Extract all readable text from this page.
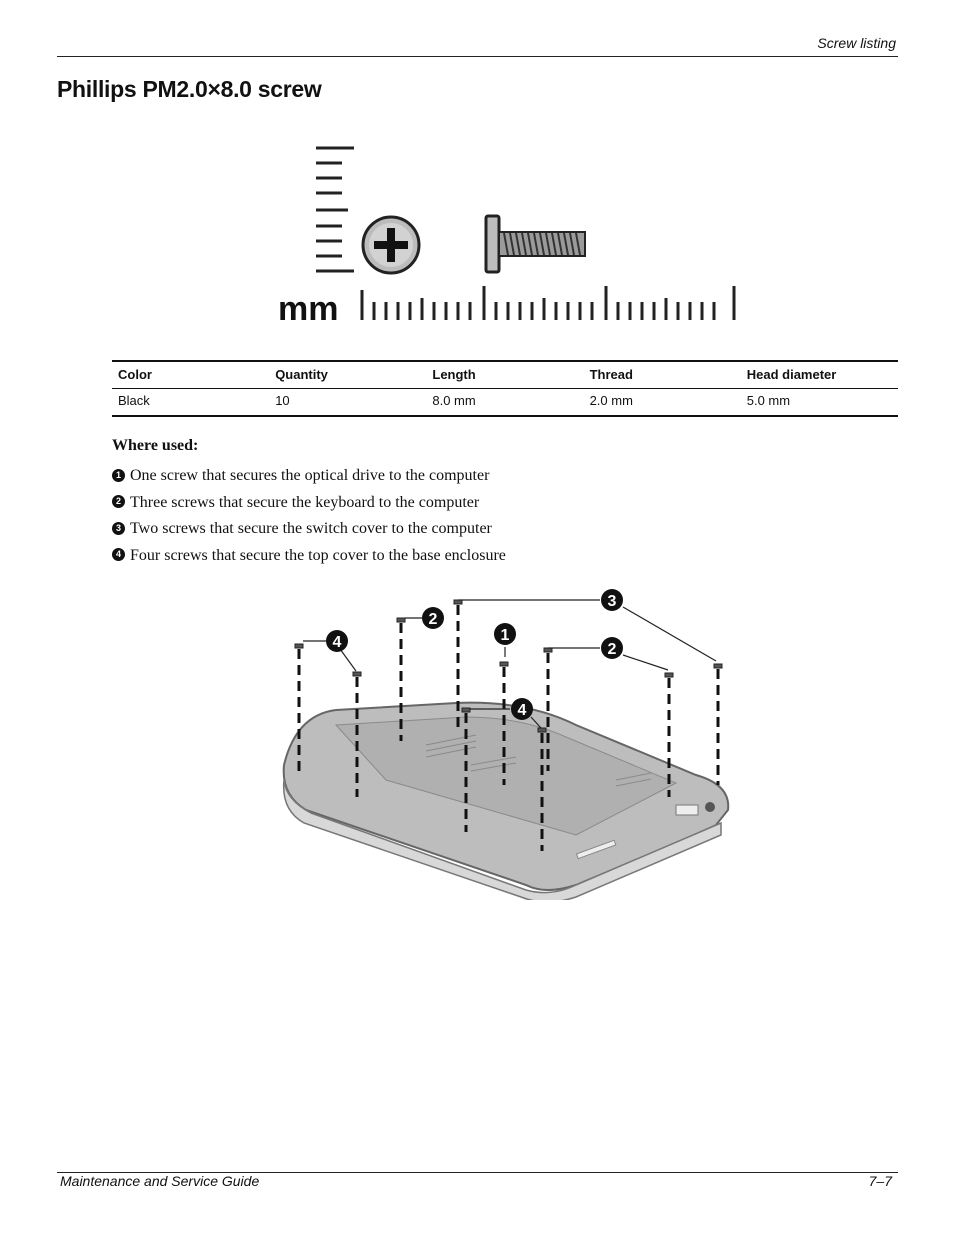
Screw listing
Phillips PM2.0×8.0 screw
mm
Color	Quantity	Length	Thread	Head diameter
Black	10	8.0 mm	2.0 mm	5.0 mm
Where used:
1 One screw that secures the optical drive to the computer
2 Three screws that secure the keyboard to the computer
3 Two screws that secure the switch cover to the computer
4 Four screws that secure the top cover to the base enclosure
4
2
1
3
2
4
Maintenance and Service Guide	7–7
